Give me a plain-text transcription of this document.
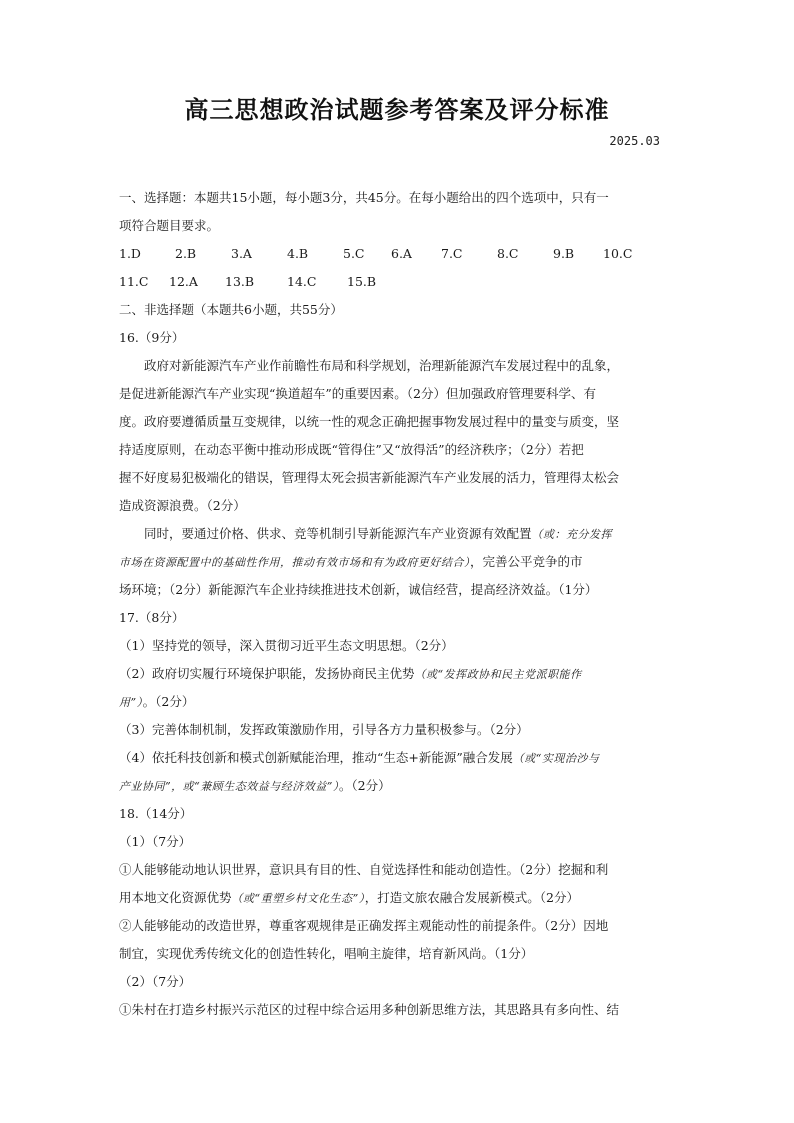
高三思想政治试题参考答案及评分标准
2025.03
一、选择题：本题共15小题，每小题3分，共45分。在每小题给出的四个选项中，只有一
项符合题目要求。
1.D	2.B	3.A	4.B	5.C	6.A	7.C	8.C	9.B	10.C
11.C	12.A	13.B	14.C	15.B
二、非选择题（本题共6小题，共55分）
16.（9分）
政府对新能源汽车产业作前瞻性布局和科学规划，治理新能源汽车发展过程中的乱象，
是促进新能源汽车产业实现“换道超车”的重要因素。（2分）但加强政府管理要科学、有
度。政府要遵循质量互变规律，以统一性的观念正确把握事物发展过程中的量变与质变，坚
持适度原则，在动态平衡中推动形成既“管得住”又“放得活”的经济秩序；（2分）若把
握不好度易犯极端化的错误，管理得太死会损害新能源汽车产业发展的活力，管理得太松会
造成资源浪费。（2分）
同时，要通过价格、供求、竞等机制引导新能源汽车产业资源有效配置（或：充分发挥
市场在资源配置中的基础性作用，推动有效市场和有为政府更好结合），完善公平竞争的市
场环境；（2分）新能源汽车企业持续推进技术创新，诚信经营，提高经济效益。（1分）
17.（8分）
（1）坚持党的领导，深入贯彻习近平生态文明思想。（2分）
（2）政府切实履行环境保护职能，发扬协商民主优势（或“发挥政协和民主党派职能作
用”）。（2分）
（3）完善体制机制，发挥政策激励作用，引导各方力量积极参与。（2分）
（4）依托科技创新和模式创新赋能治理，推动“生态+新能源”融合发展（或“实现治沙与
产业协同”，或“兼顾生态效益与经济效益”）。（2分）
18.（14分）
（1）（7分）
①人能够能动地认识世界，意识具有目的性、自觉选择性和能动创造性。（2分）挖掘和利
用本地文化资源优势（或“重塑乡村文化生态”），打造文旅农融合发展新模式。（2分）
②人能够能动的改造世界，尊重客观规律是正确发挥主观能动性的前提条件。（2分）因地
制宜，实现优秀传统文化的创造性转化，唱响主旋律，培育新风尚。（1分）
（2）（7分）
①朱村在打造乡村振兴示范区的过程中综合运用多种创新思维方法，其思路具有多向性、结
